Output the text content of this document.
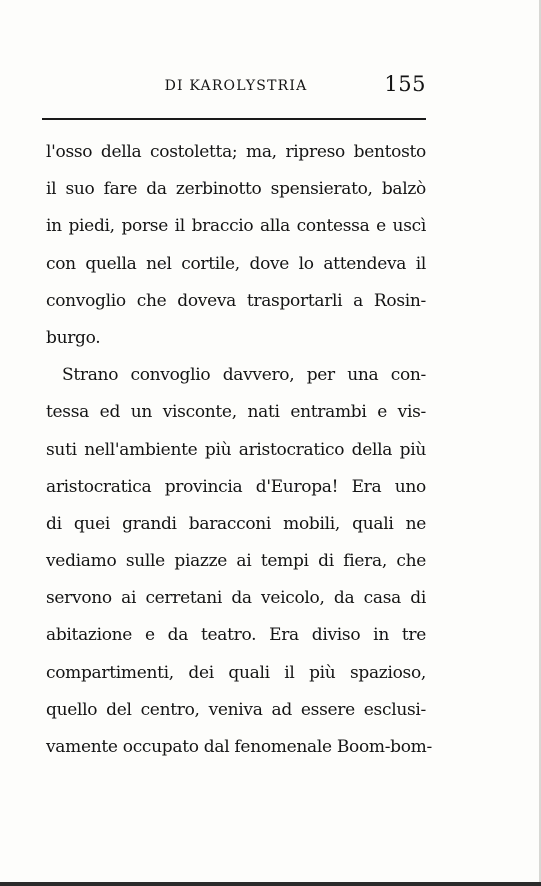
DI KAROLYSTRIA	155
l'osso della costoletta; ma, ripreso bentosto
il suo fare da zerbinotto spensierato, balzò
in piedi, porse il braccio alla contessa e uscì
con quella nel cortile, dove lo attendeva il
convoglio che doveva trasportarli a Rosin-
burgo.
Strano convoglio davvero, per una con-
tessa ed un visconte, nati entrambi e vis-
suti nell'ambiente più aristocratico della più
aristocratica provincia d'Europa! Era uno
di quei grandi baracconi mobili, quali ne
vediamo sulle piazze ai tempi di fiera, che
servono ai cerretani da veicolo, da casa di
abitazione e da teatro. Era diviso in tre
compartimenti, dei quali il più spazioso,
quello del centro, veniva ad essere esclusi-
vamente occupato dal fenomenale Boom-bom-
